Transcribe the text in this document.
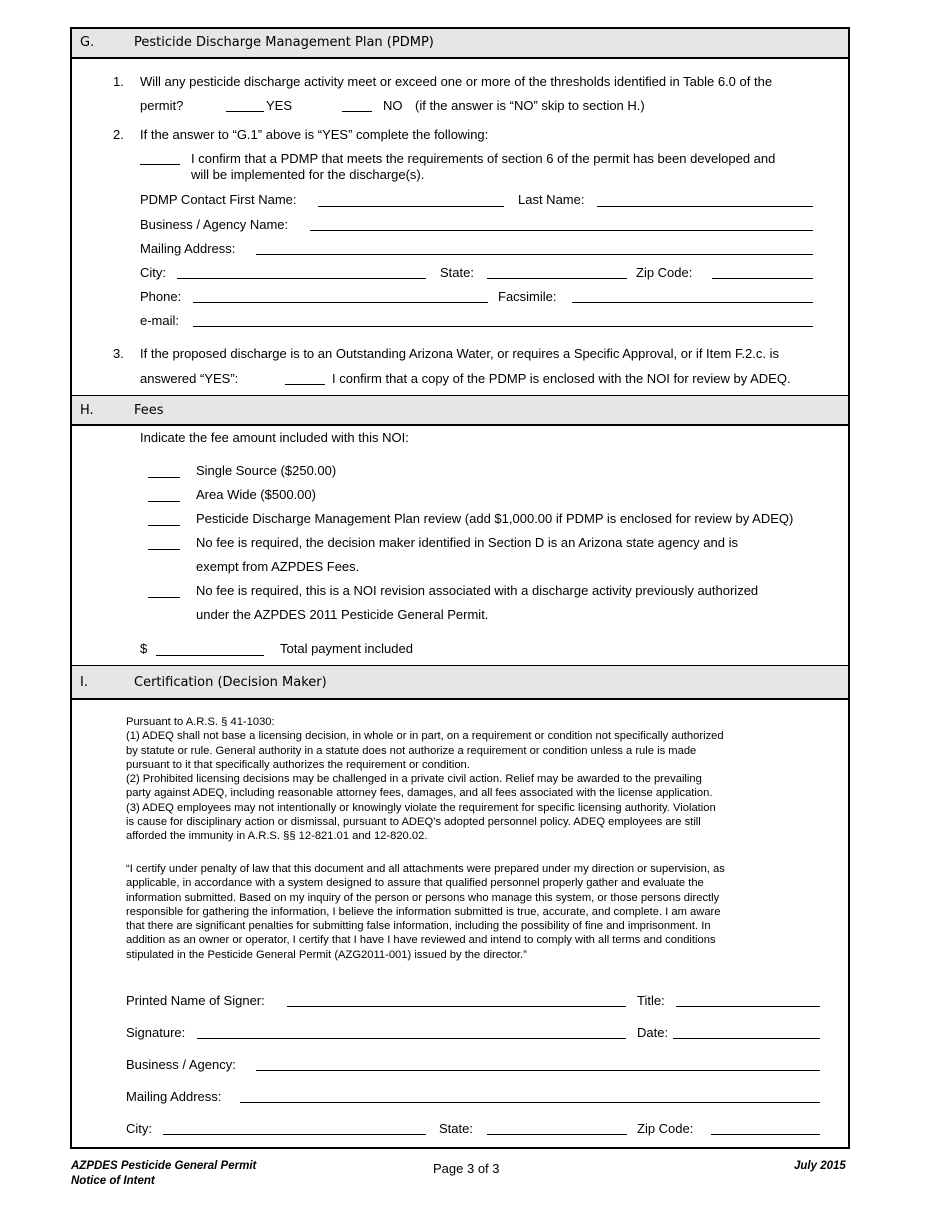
G.	Pesticide Discharge Management Plan (PDMP)
1. Will any pesticide discharge activity meet or exceed one or more of the thresholds identified in Table 6.0 of the
permit?	YES	NO (if the answer is “NO” skip to section H.)
2. If the answer to “G.1” above is “YES” complete the following:
I confirm that a PDMP that meets the requirements of section 6 of the permit has been developed and
will be implemented for the discharge(s).
PDMP Contact First Name:	Last Name:
Business / Agency Name:
Mailing Address:
City:	State:	Zip Code:
Phone:	Facsimile:
e-mail:
3. If the proposed discharge is to an Outstanding Arizona Water, or requires a Specific Approval, or if Item F.2.c. is
answered “YES”:	I confirm that a copy of the PDMP is enclosed with the NOI for review by ADEQ.
H.	Fees
Indicate the fee amount included with this NOI:
Single Source ($250.00)
Area Wide ($500.00)
Pesticide Discharge Management Plan review (add $1,000.00 if PDMP is enclosed for review by ADEQ)
No fee is required, the decision maker identified in Section D is an Arizona state agency and is
exempt from AZPDES Fees.
No fee is required, this is a NOI revision associated with a discharge activity previously authorized
under the AZPDES 2011 Pesticide General Permit.
$	Total payment included
I.	Certification (Decision Maker)
Pursuant to A.R.S. § 41-1030:
(1) ADEQ shall not base a licensing decision, in whole or in part, on a requirement or condition not specifically authorized
by statute or rule. General authority in a statute does not authorize a requirement or condition unless a rule is made
pursuant to it that specifically authorizes the requirement or condition.
(2) Prohibited licensing decisions may be challenged in a private civil action. Relief may be awarded to the prevailing
party against ADEQ, including reasonable attorney fees, damages, and all fees associated with the license application.
(3) ADEQ employees may not intentionally or knowingly violate the requirement for specific licensing authority. Violation
is cause for disciplinary action or dismissal, pursuant to ADEQ’s adopted personnel policy. ADEQ employees are still
afforded the immunity in A.R.S. §§ 12-821.01 and 12-820.02.
“I certify under penalty of law that this document and all attachments were prepared under my direction or supervision, as
applicable, in accordance with a system designed to assure that qualified personnel properly gather and evaluate the
information submitted. Based on my inquiry of the person or persons who manage this system, or those persons directly
responsible for gathering the information, I believe the information submitted is true, accurate, and complete. I am aware
that there are significant penalties for submitting false information, including the possibility of fine and imprisonment. In
addition as an owner or operator, I certify that I have I have reviewed and intend to comply with all terms and conditions
stipulated in the Pesticide General Permit (AZG2011-001) issued by the director.”
Printed Name of Signer:	Title:
Signature:	Date:
Business / Agency:
Mailing Address:
City:	State:	Zip Code:
AZPDES Pesticide General Permit
Notice of Intent
Page 3 of 3	July 2015
